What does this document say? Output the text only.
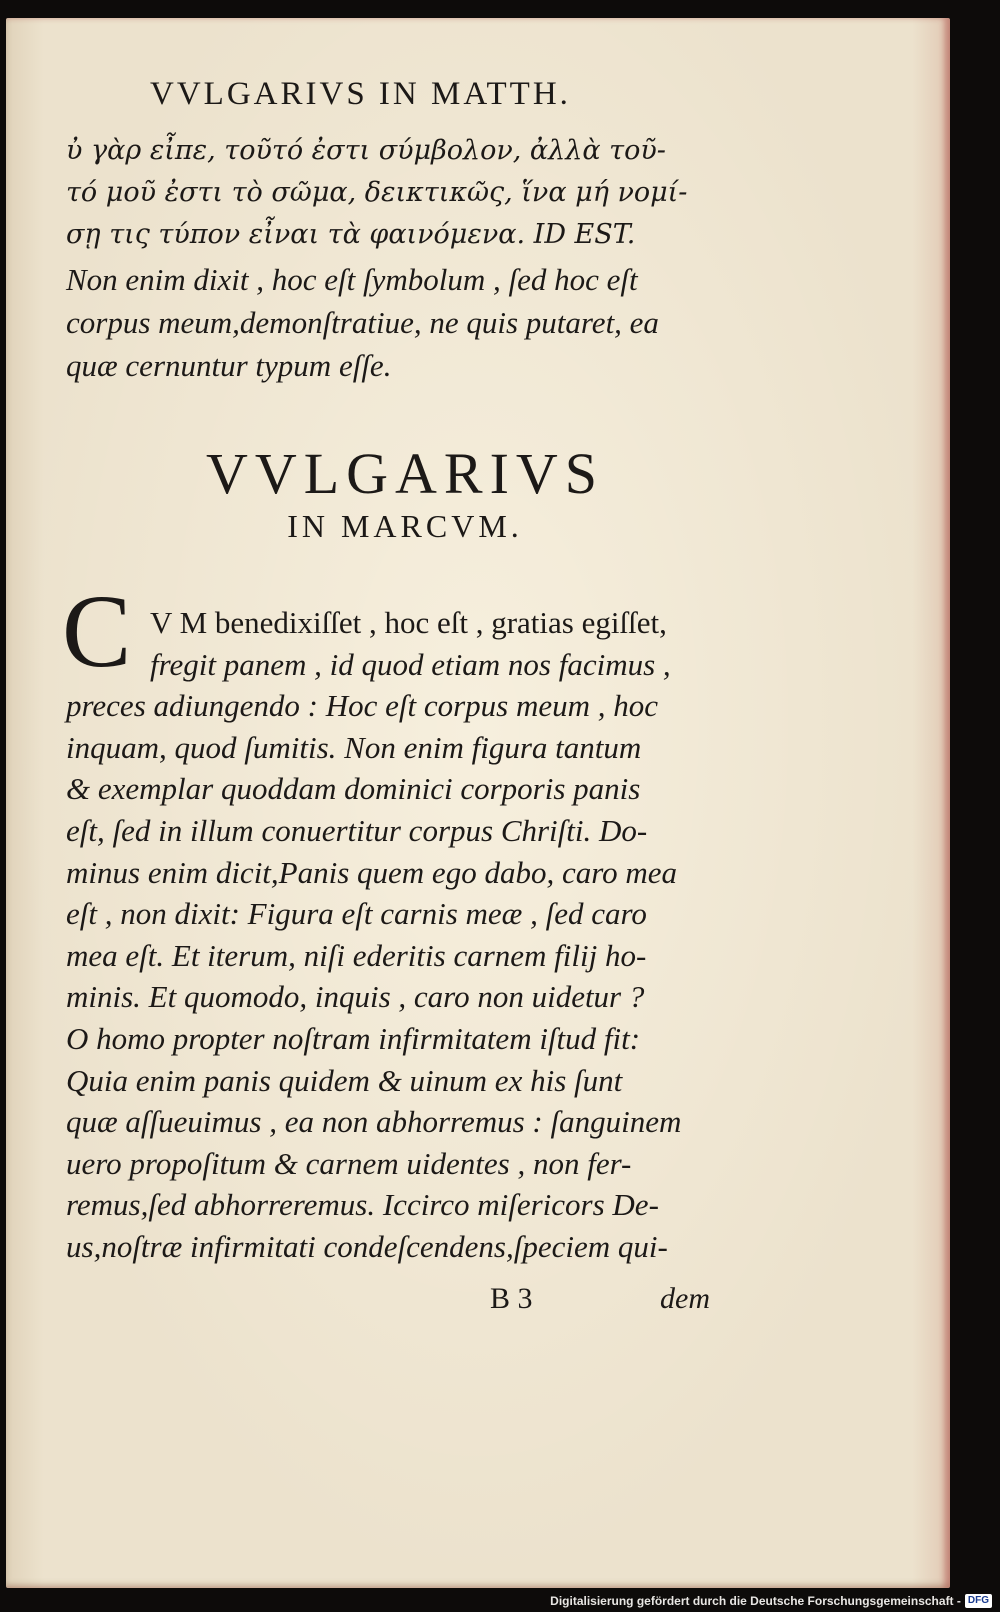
VVLGARIVS IN MATTH.
ὐ γὰρ εἶπε, τοῦτό ἐστι σύμβολον, ἀλλὰ τοῦ-
τό μοῦ ἐστι τὸ σῶμα, δεικτικῶς, ἵνα μή νομί-
σῃ τις τύπον εἶναι τὰ φαινόμενα. ID EST.
Non enim dixit , hoc eſt ſymbolum , ſed hoc eſt
corpus meum,demonſtratiue, ne quis putaret, ea
quæ cernuntur typum eſſe.
VVLGARIVS
IN MARCVM.
C V M benedixiſſet , hoc eſt , gratias egiſſet,
fregit panem , id quod etiam nos facimus ,
preces adiungendo : Hoc eſt corpus meum , hoc
inquam, quod ſumitis. Non enim figura tantum
& exemplar quoddam dominici corporis panis
eſt, ſed in illum conuertitur corpus Chriſti. Do-
minus enim dicit,Panis quem ego dabo, caro mea
eſt , non dixit: Figura eſt carnis meæ , ſed caro
mea eſt. Et iterum, niſi ederitis carnem filij ho-
minis. Et quomodo, inquis , caro non uidetur ?
O homo propter noſtram infirmitatem iſtud fit:
Quia enim panis quidem & uinum ex his ſunt
quæ aſſueuimus , ea non abhorremus : ſanguinem
uero propoſitum & carnem uidentes , non fer-
remus,ſed abhorreremus. Iccirco miſericors De-
us,noſtræ infirmitati condeſcendens,ſpeciem qui-
B 3	dem
Digitalisierung gefördert durch die Deutsche Forschungsgemeinschaft - DFG
